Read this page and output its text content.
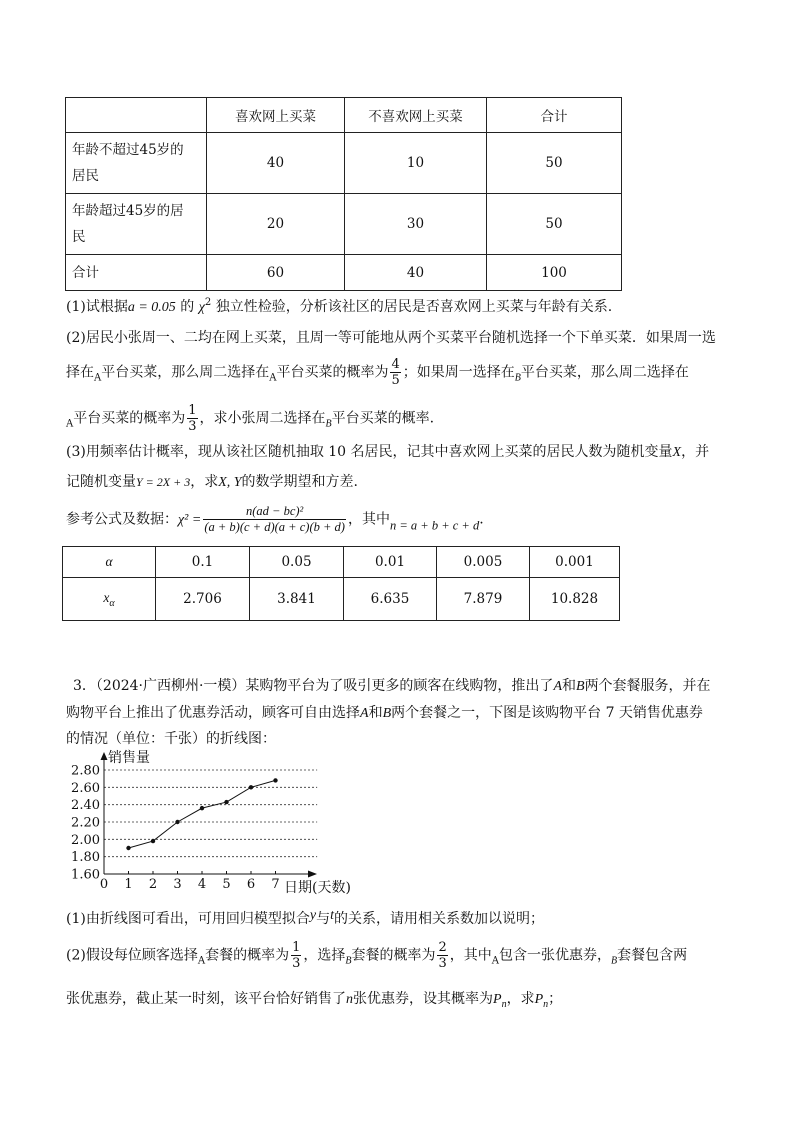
	喜欢网上买菜	不喜欢网上买菜	合计
年龄不超过45岁的
居民	40	10	50
年龄超过45岁的居
民	20	30	50
合计	60	40	100
(1)试根据a = 0.05 的 $\chi^2$ 独立性检验，分析该社区的居民是否喜欢网上买菜与年龄有关系.
(2)居民小张周一、二均在网上买菜，且周一等可能地从两个买菜平台随机选择一个下单买菜．如果周一选
择在$_A$平台买菜，那么周二选择在$_A$平台买菜的概率为 $\frac{4}{5}$ ；如果周一选择在$_B$平台买菜，那么周二选择在
$_A$平台买菜的概率为 $\frac{1}{3}$ ，求小张周二选择在$_B$平台买菜的概率.
(3)用频率估计概率，现从该社区随机抽取 10 名居民，记其中喜欢网上买菜的居民人数为随机变量X，并
记随机变量Y = 2X + 3，求X, Y的数学期望和方差.
参考公式及数据：$\chi^2 = \frac{\text{n(ad − bc)²}}{(a + b)(c + d)(a + c)(b + d)}$ ，其中n = a + b + c + d.
α	0.1	0.05	0.01	0.005	0.001
$x_\alpha$	2.706	3.841	6.635	7.879	10.828
3．（2024·广西柳州·一模）某购物平台为了吸引更多的顾客在线购物，推出了A和B两个套餐服务，并在
购物平台上推出了优惠券活动，顾客可自由选择A和B两个套餐之一，下图是该购物平台 7 天销售优惠券
的情况（单位：千张）的折线图：
1.60
1.80
2.00
2.20
2.40
2.60
2.80
0 1 2 3 4 5 6 7
销售量
日期(天数)
(1)由折线图可看出，可用回归模型拟合y与t的关系，请用相关系数加以说明；
(2)假设每位顾客选择$_A$套餐的概率为 $\frac{1}{3}$ ，选择$_B$套餐的概率为 $\frac{2}{3}$ ，其中$_A$包含一张优惠券，$_B$套餐包含两
张优惠券，截止某一时刻，该平台恰好销售了n张优惠券，设其概率为$P_n$，求$P_n$；
